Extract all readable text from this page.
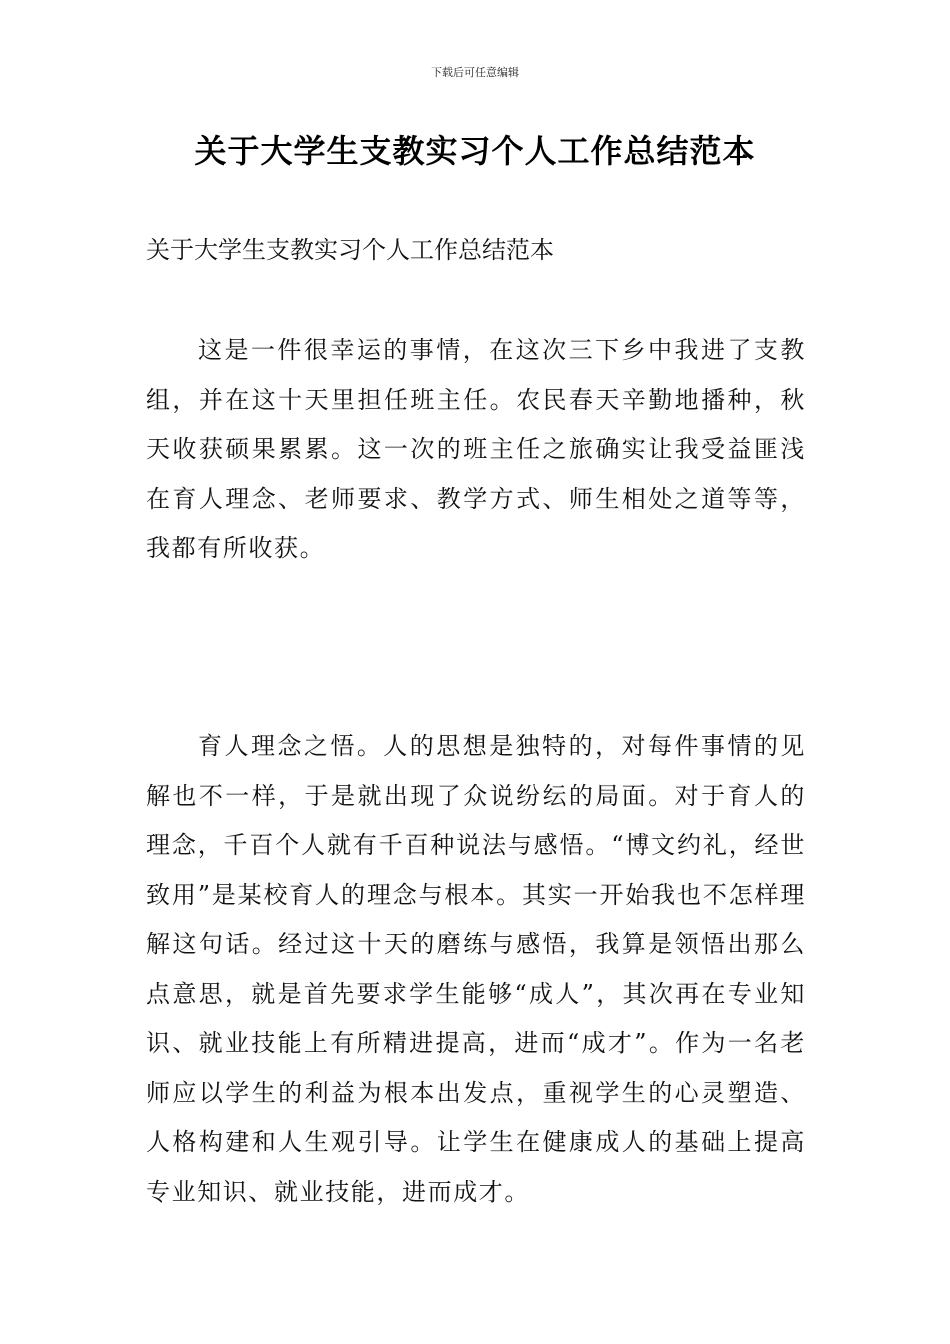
下载后可任意编辑
关于大学生支教实习个人工作总结范本
关于大学生支教实习个人工作总结范本

这是一件很幸运的事情，在这次三下乡中我进了支教组，并在这十天里担任班主任。农民春天辛勤地播种，秋天收获硕果累累。这一次的班主任之旅确实让我受益匪浅在育人理念、老师要求、教学方式、师生相处之道等等，我都有所收获。

育人理念之悟。人的思想是独特的，对每件事情的见解也不一样，于是就出现了众说纷纭的局面。对于育人的理念，千百个人就有千百种说法与感悟。“博文约礼，经世致用”是某校育人的理念与根本。其实一开始我也不怎样理解这句话。经过这十天的磨练与感悟，我算是领悟出那么点意思，就是首先要求学生能够“成人”，其次再在专业知识、就业技能上有所精进提高，进而“成才”。作为一名老师应以学生的利益为根本出发点，重视学生的心灵塑造、人格构建和人生观引导。让学生在健康成人的基础上提高专业知识、就业技能，进而成才。
